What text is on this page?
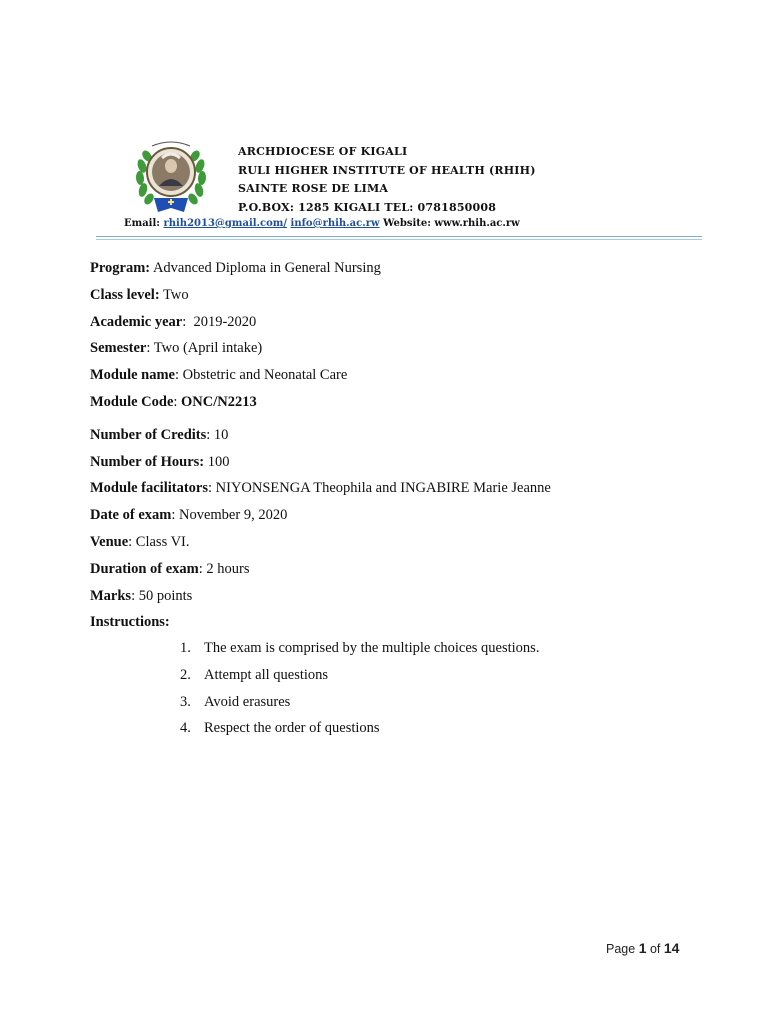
ARCHDIOCESE OF KIGALI
RULI HIGHER INSTITUTE OF HEALTH (RHIH)
SAINTE ROSE DE LIMA
P.O.BOX: 1285 KIGALI TEL: 0781850008
Email: rhih2013@gmail.com/ info@rhih.ac.rw Website: www.rhih.ac.rw
Program: Advanced Diploma in General Nursing
Class level: Two
Academic year:  2019-2020
Semester: Two (April intake)
Module name: Obstetric and Neonatal Care
Module Code: ONC/N2213
Number of Credits: 10
Number of Hours: 100
Module facilitators: NIYONSENGA Theophila and INGABIRE Marie Jeanne
Date of exam: November 9, 2020
Venue: Class VI.
Duration of exam: 2 hours
Marks: 50 points
Instructions:
1. The exam is comprised by the multiple choices questions.
2. Attempt all questions
3. Avoid erasures
4. Respect the order of questions
Page 1 of 14
